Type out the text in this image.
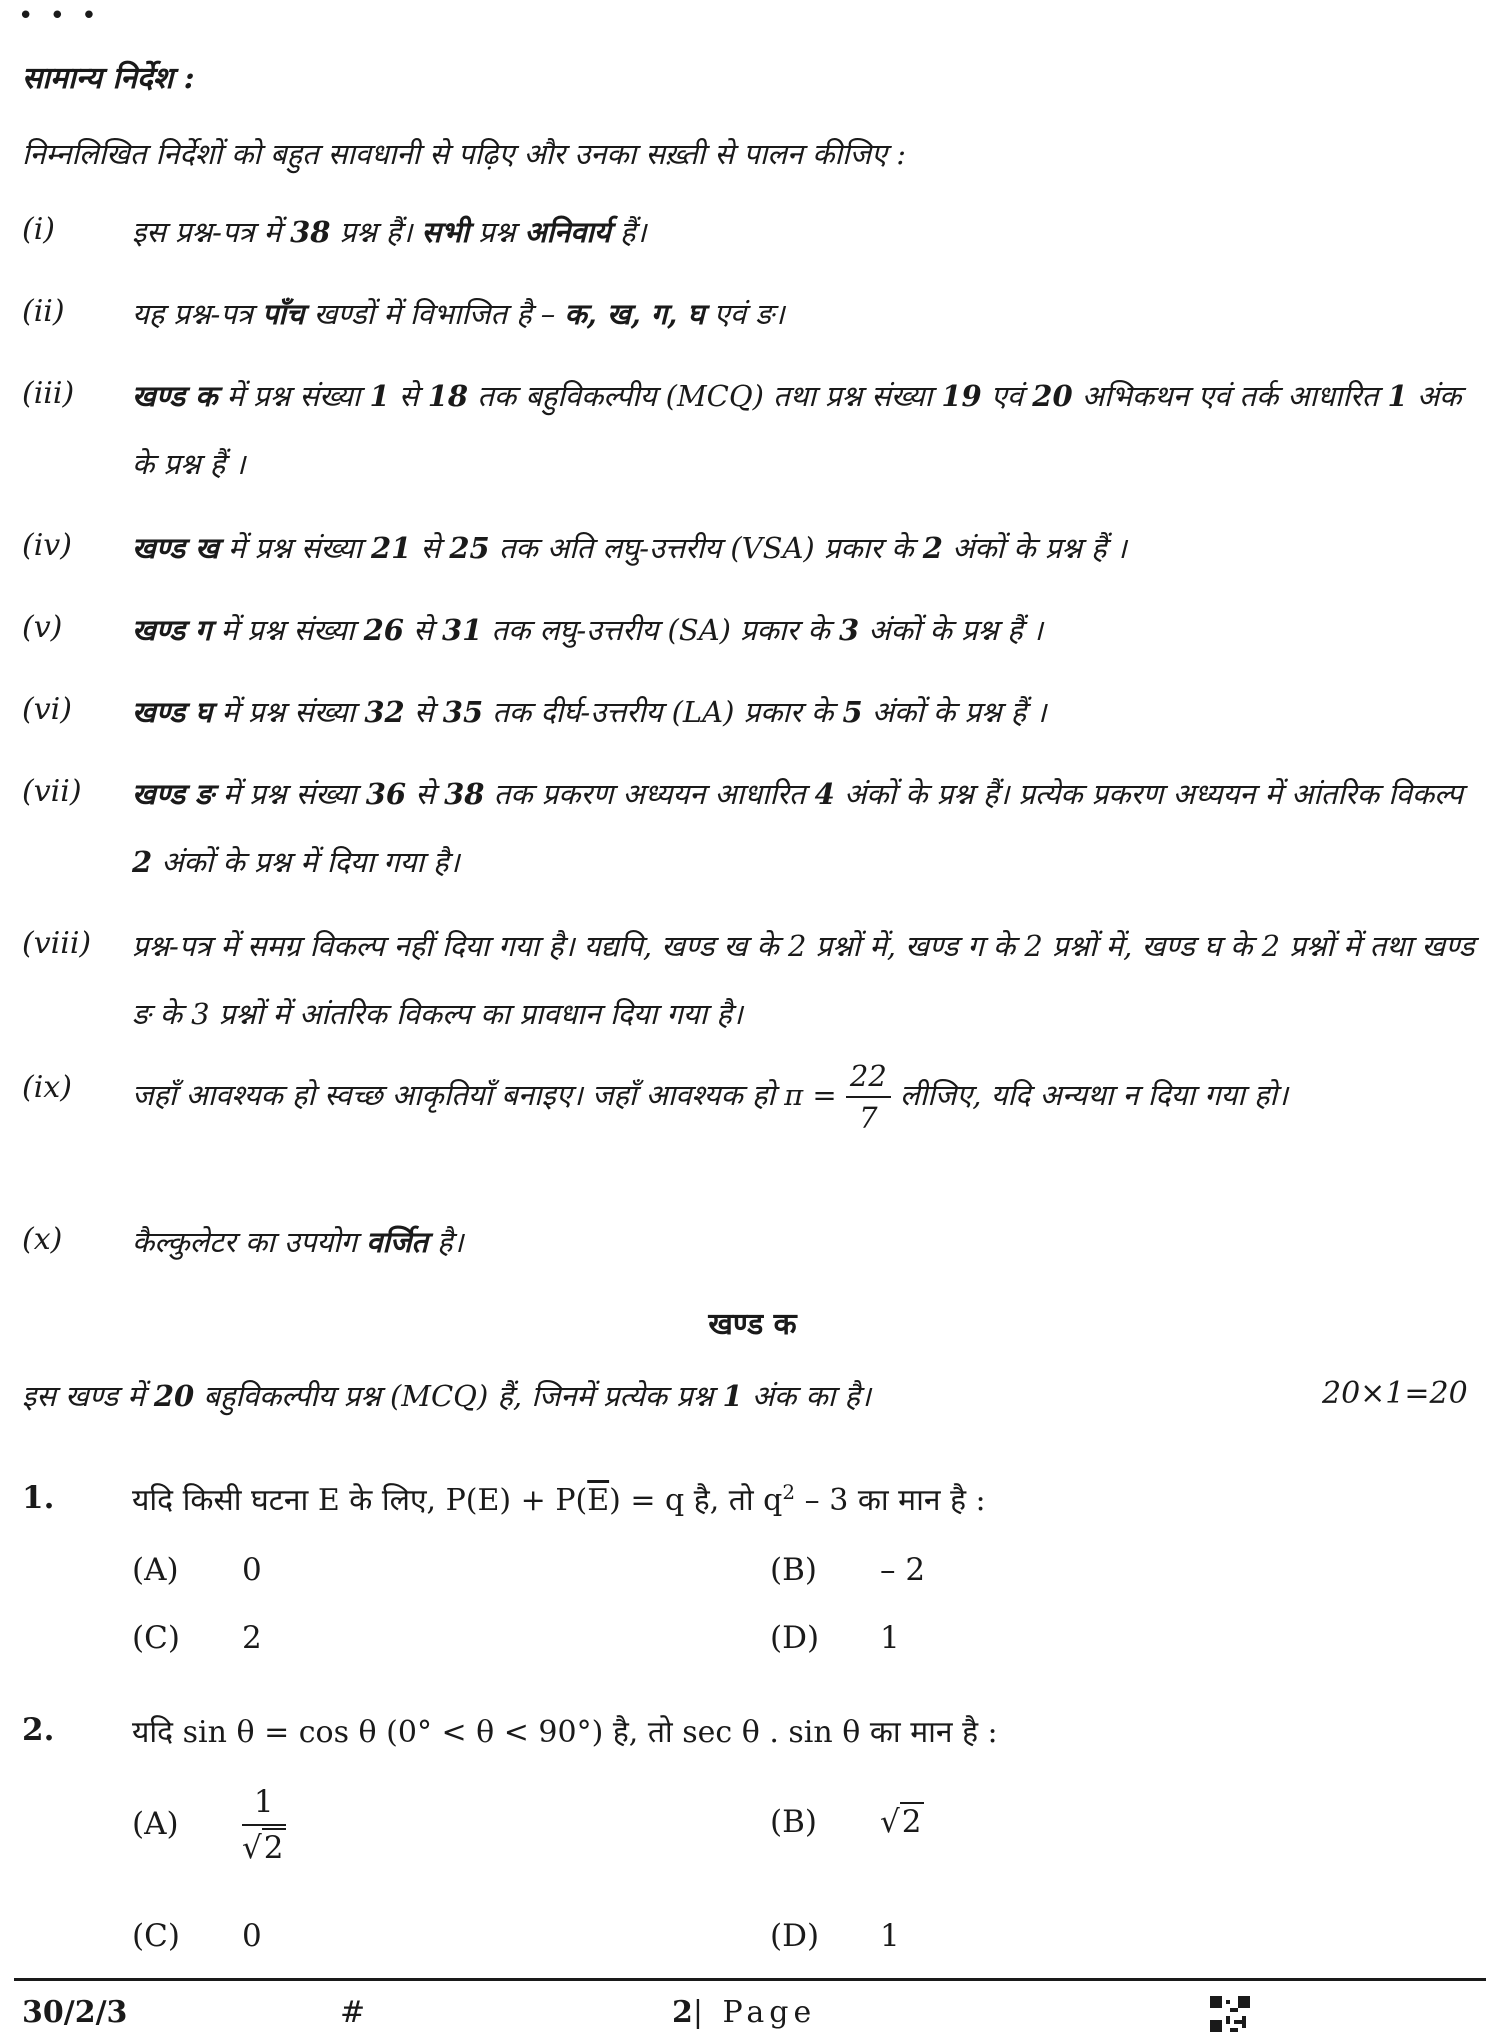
• • •
सामान्य निर्देश :
निम्नलिखित निर्देशों को बहुत सावधानी से पढ़िए और उनका सख़्ती से पालन कीजिए :
(i)	इस प्रश्न-पत्र में 38 प्रश्न हैं। सभी प्रश्न अनिवार्य हैं।
(ii) यह प्रश्न-पत्र पाँच खण्डों में विभाजित है – क, ख, ग, घ एवं ङ।
(iii) खण्ड क में प्रश्न संख्या 1 से 18 तक बहुविकल्पीय (MCQ) तथा प्रश्न संख्या 19 एवं 20 अभिकथन एवं तर्क आधारित 1 अंक के प्रश्न हैं ।
(iv) खण्ड ख में प्रश्न संख्या 21 से 25 तक अति लघु-उत्तरीय (VSA) प्रकार के 2 अंकों के प्रश्न हैं ।
(v) खण्ड ग में प्रश्न संख्या 26 से 31 तक लघु-उत्तरीय (SA) प्रकार के 3 अंकों के प्रश्न हैं ।
(vi) खण्ड घ में प्रश्न संख्या 32 से 35 तक दीर्घ-उत्तरीय (LA) प्रकार के 5 अंकों के प्रश्न हैं ।
(vii) खण्ड ङ में प्रश्न संख्या 36 से 38 तक प्रकरण अध्ययन आधारित 4 अंकों के प्रश्न हैं। प्रत्येक प्रकरण अध्ययन में आंतरिक विकल्प 2 अंकों के प्रश्न में दिया गया है।
(viii) प्रश्न-पत्र में समग्र विकल्प नहीं दिया गया है। यद्यपि, खण्ड ख के 2 प्रश्नों में, खण्ड ग के 2 प्रश्नों में, खण्ड घ के 2 प्रश्नों में तथा खण्ड ङ के 3 प्रश्नों में आंतरिक विकल्प का प्रावधान दिया गया है।
(ix) जहाँ आवश्यक हो स्वच्छ आकृतियाँ बनाइए। जहाँ आवश्यक हो $\pi = \frac{22}{7}$ लीजिए, यदि अन्यथा न दिया गया हो।
(x) कैल्कुलेटर का उपयोग वर्जित है।
खण्ड क
इस खण्ड में 20 बहुविकल्पीय प्रश्न (MCQ) हैं, जिनमें प्रत्येक प्रश्न 1 अंक का है।	20×1=20
1.	यदि किसी घटना E के लिए, $P(E) + P(\overline{E}) = q$ है, तो $q^2 - 3$ का मान है :
(A) 0	(B) – 2
(C) 2	(D) 1
2.	यदि sin θ = cos θ (0° < θ < 90°) है, तो sec θ . sin θ का मान है :
$(A) \frac{1}{√2}$	(B) √2
(C) 0	(D) 1
30/2/3	#	2| Page
